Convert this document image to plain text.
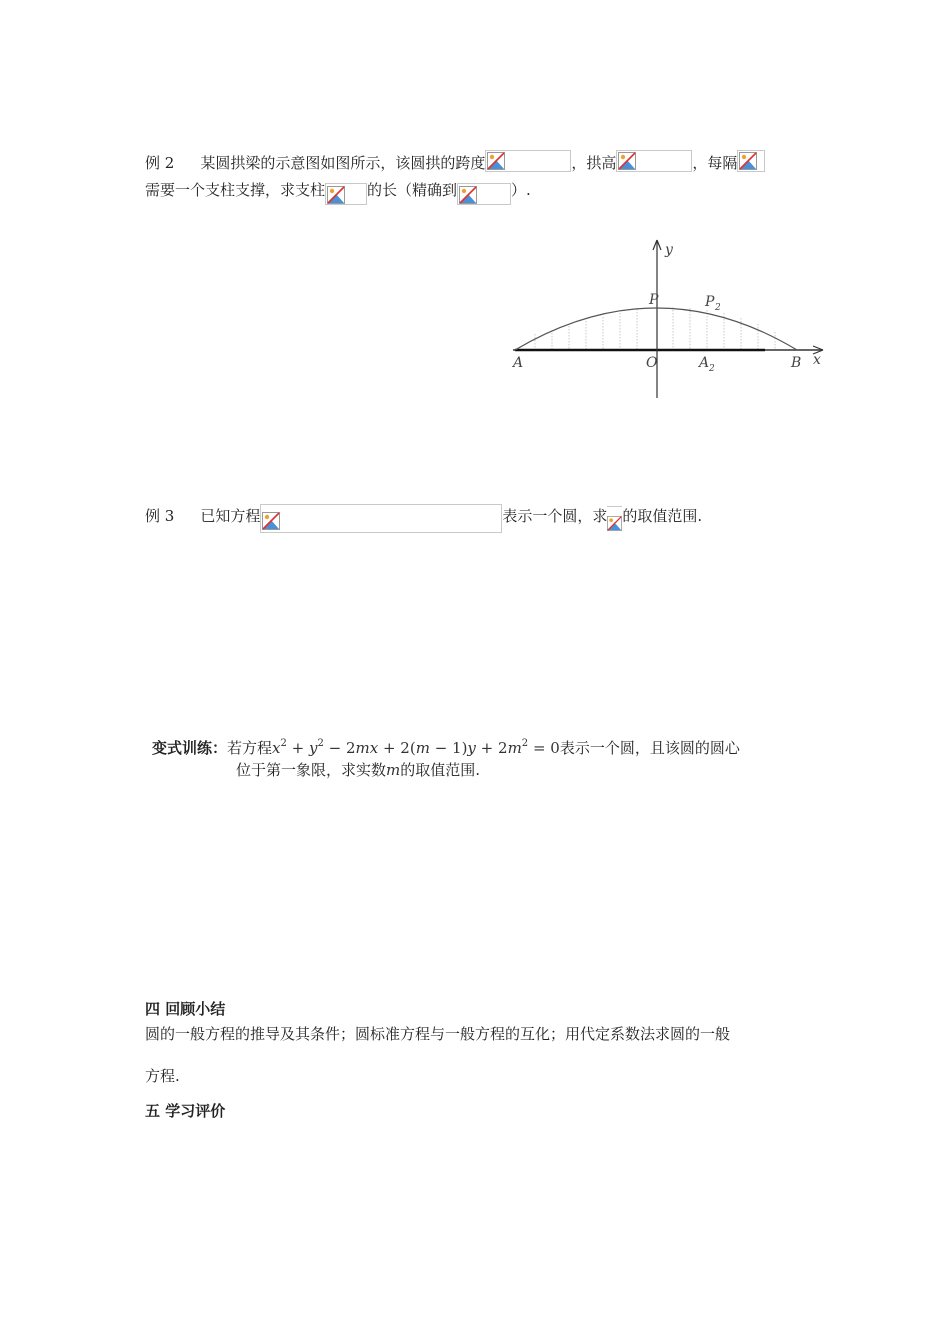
例 2 某圆拱梁的示意图如图所示，该圆拱的跨度	，拱高	，每隔
需要一个支柱支撑，求支柱	的长（精确到	）.
y
x
A	B
O
P	P 2
A 2
例 3 已知方程	表示一个圆，求 的取值范围.
变式训练：若方程$x^2 + y^2 - 2mx + 2(m - 1)y + 2m^2 = 0$表示一个圆，且该圆的圆心
位于第一象限，求实数m的取值范围.
四 回顾小结
圆的一般方程的推导及其条件；圆标准方程与一般方程的互化；用代定系数法求圆的一般
方程.
五 学习评价
